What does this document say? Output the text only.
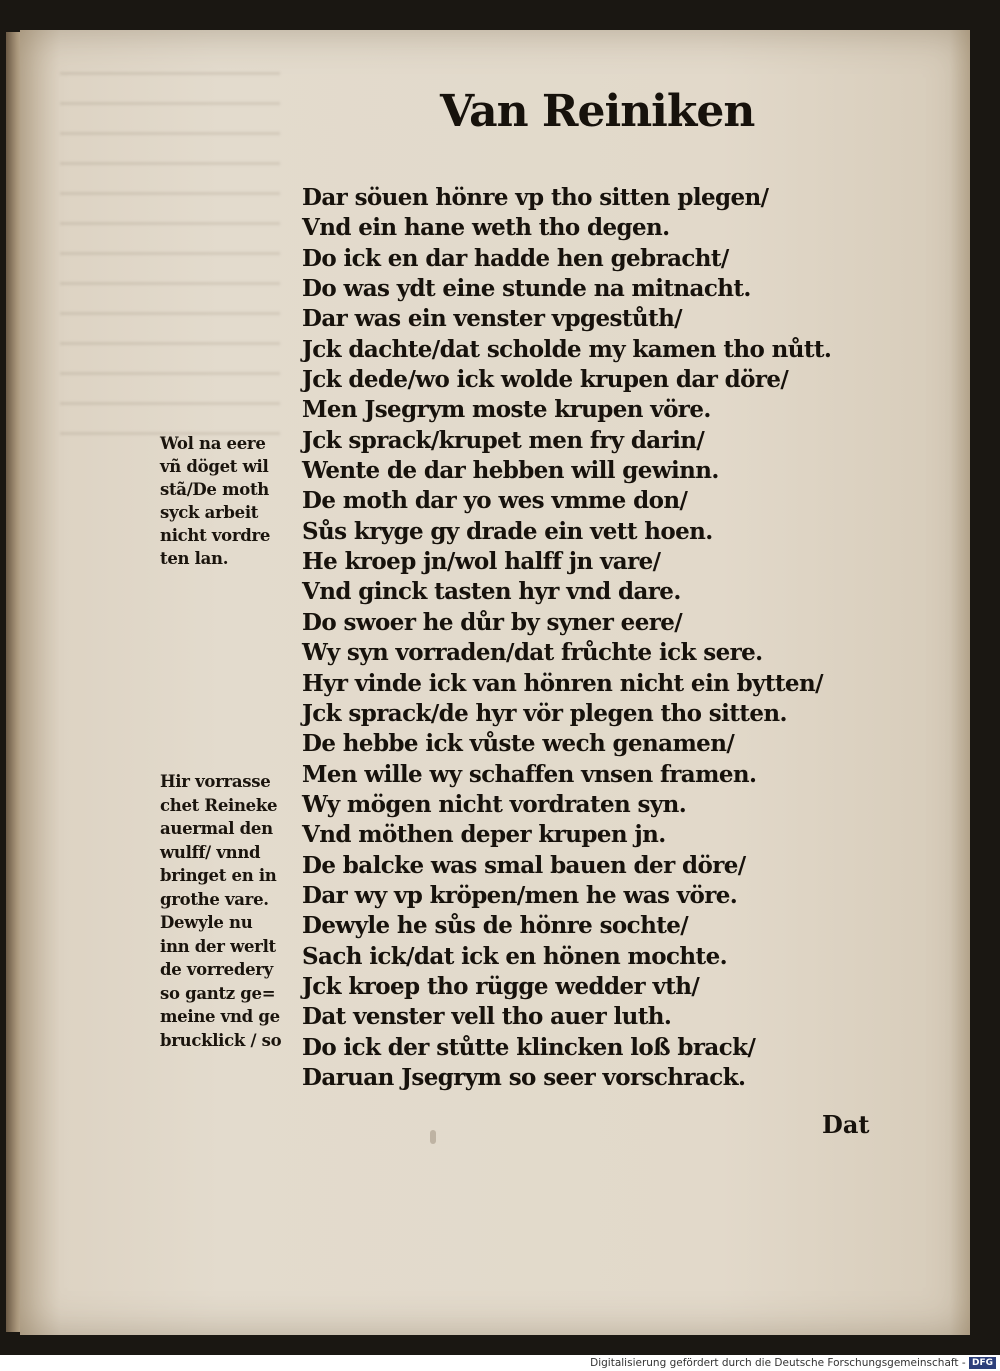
Van Reiniken
Dar söuen hönre vp tho sitten plegen/
Vnd ein hane weth tho degen.
Do ick en dar hadde hen gebracht/
Do was ydt eine stunde na mitnacht.
Dar was ein venster vpgestůth/
Jck dachte/dat scholde my kamen tho nůtt.
Jck dede/wo ick wolde krupen dar döre/
Men Jsegrym moste krupen vöre.
Jck sprack/krupet men fry darin/
Wente de dar hebben will gewinn.
De moth dar yo wes vmme don/
Sůs kryge gy drade ein vett hoen.
He kroep jn/wol halff jn vare/
Vnd ginck tasten hyr vnd dare.
Do swoer he důr by syner eere/
Wy syn vorraden/dat frůchte ick sere.
Hyr vinde ick van hönren nicht ein bytten/
Jck sprack/de hyr vör plegen tho sitten.
De hebbe ick vůste wech genamen/
Men wille wy schaffen vnsen framen.
Wy mögen nicht vordraten syn.
Vnd möthen deper krupen jn.
De balcke was smal bauen der döre/
Dar wy vp kröpen/men he was vöre.
Dewyle he sůs de hönre sochte/
Sach ick/dat ick en hönen mochte.
Jck kroep tho rügge wedder vth/
Dat venster vell tho auer luth.
Do ick der stůtte klincken loß brack/
Daruan Jsegrym so seer vorschrack.
Wol na eere
vñ döget wil
stã/De moth
syck arbeit
nicht vordre
ten lan.
Hir vorrasse
chet Reineke
auermal den
wulff/ vnnd
bringet en in
grothe vare.
Dewyle nu
inn der werlt
de vorredery
so gantz ge=
meine vnd ge
brucklick / so
Dat
Digitalisierung gefördert durch die Deutsche Forschungsgemeinschaft - DFG
